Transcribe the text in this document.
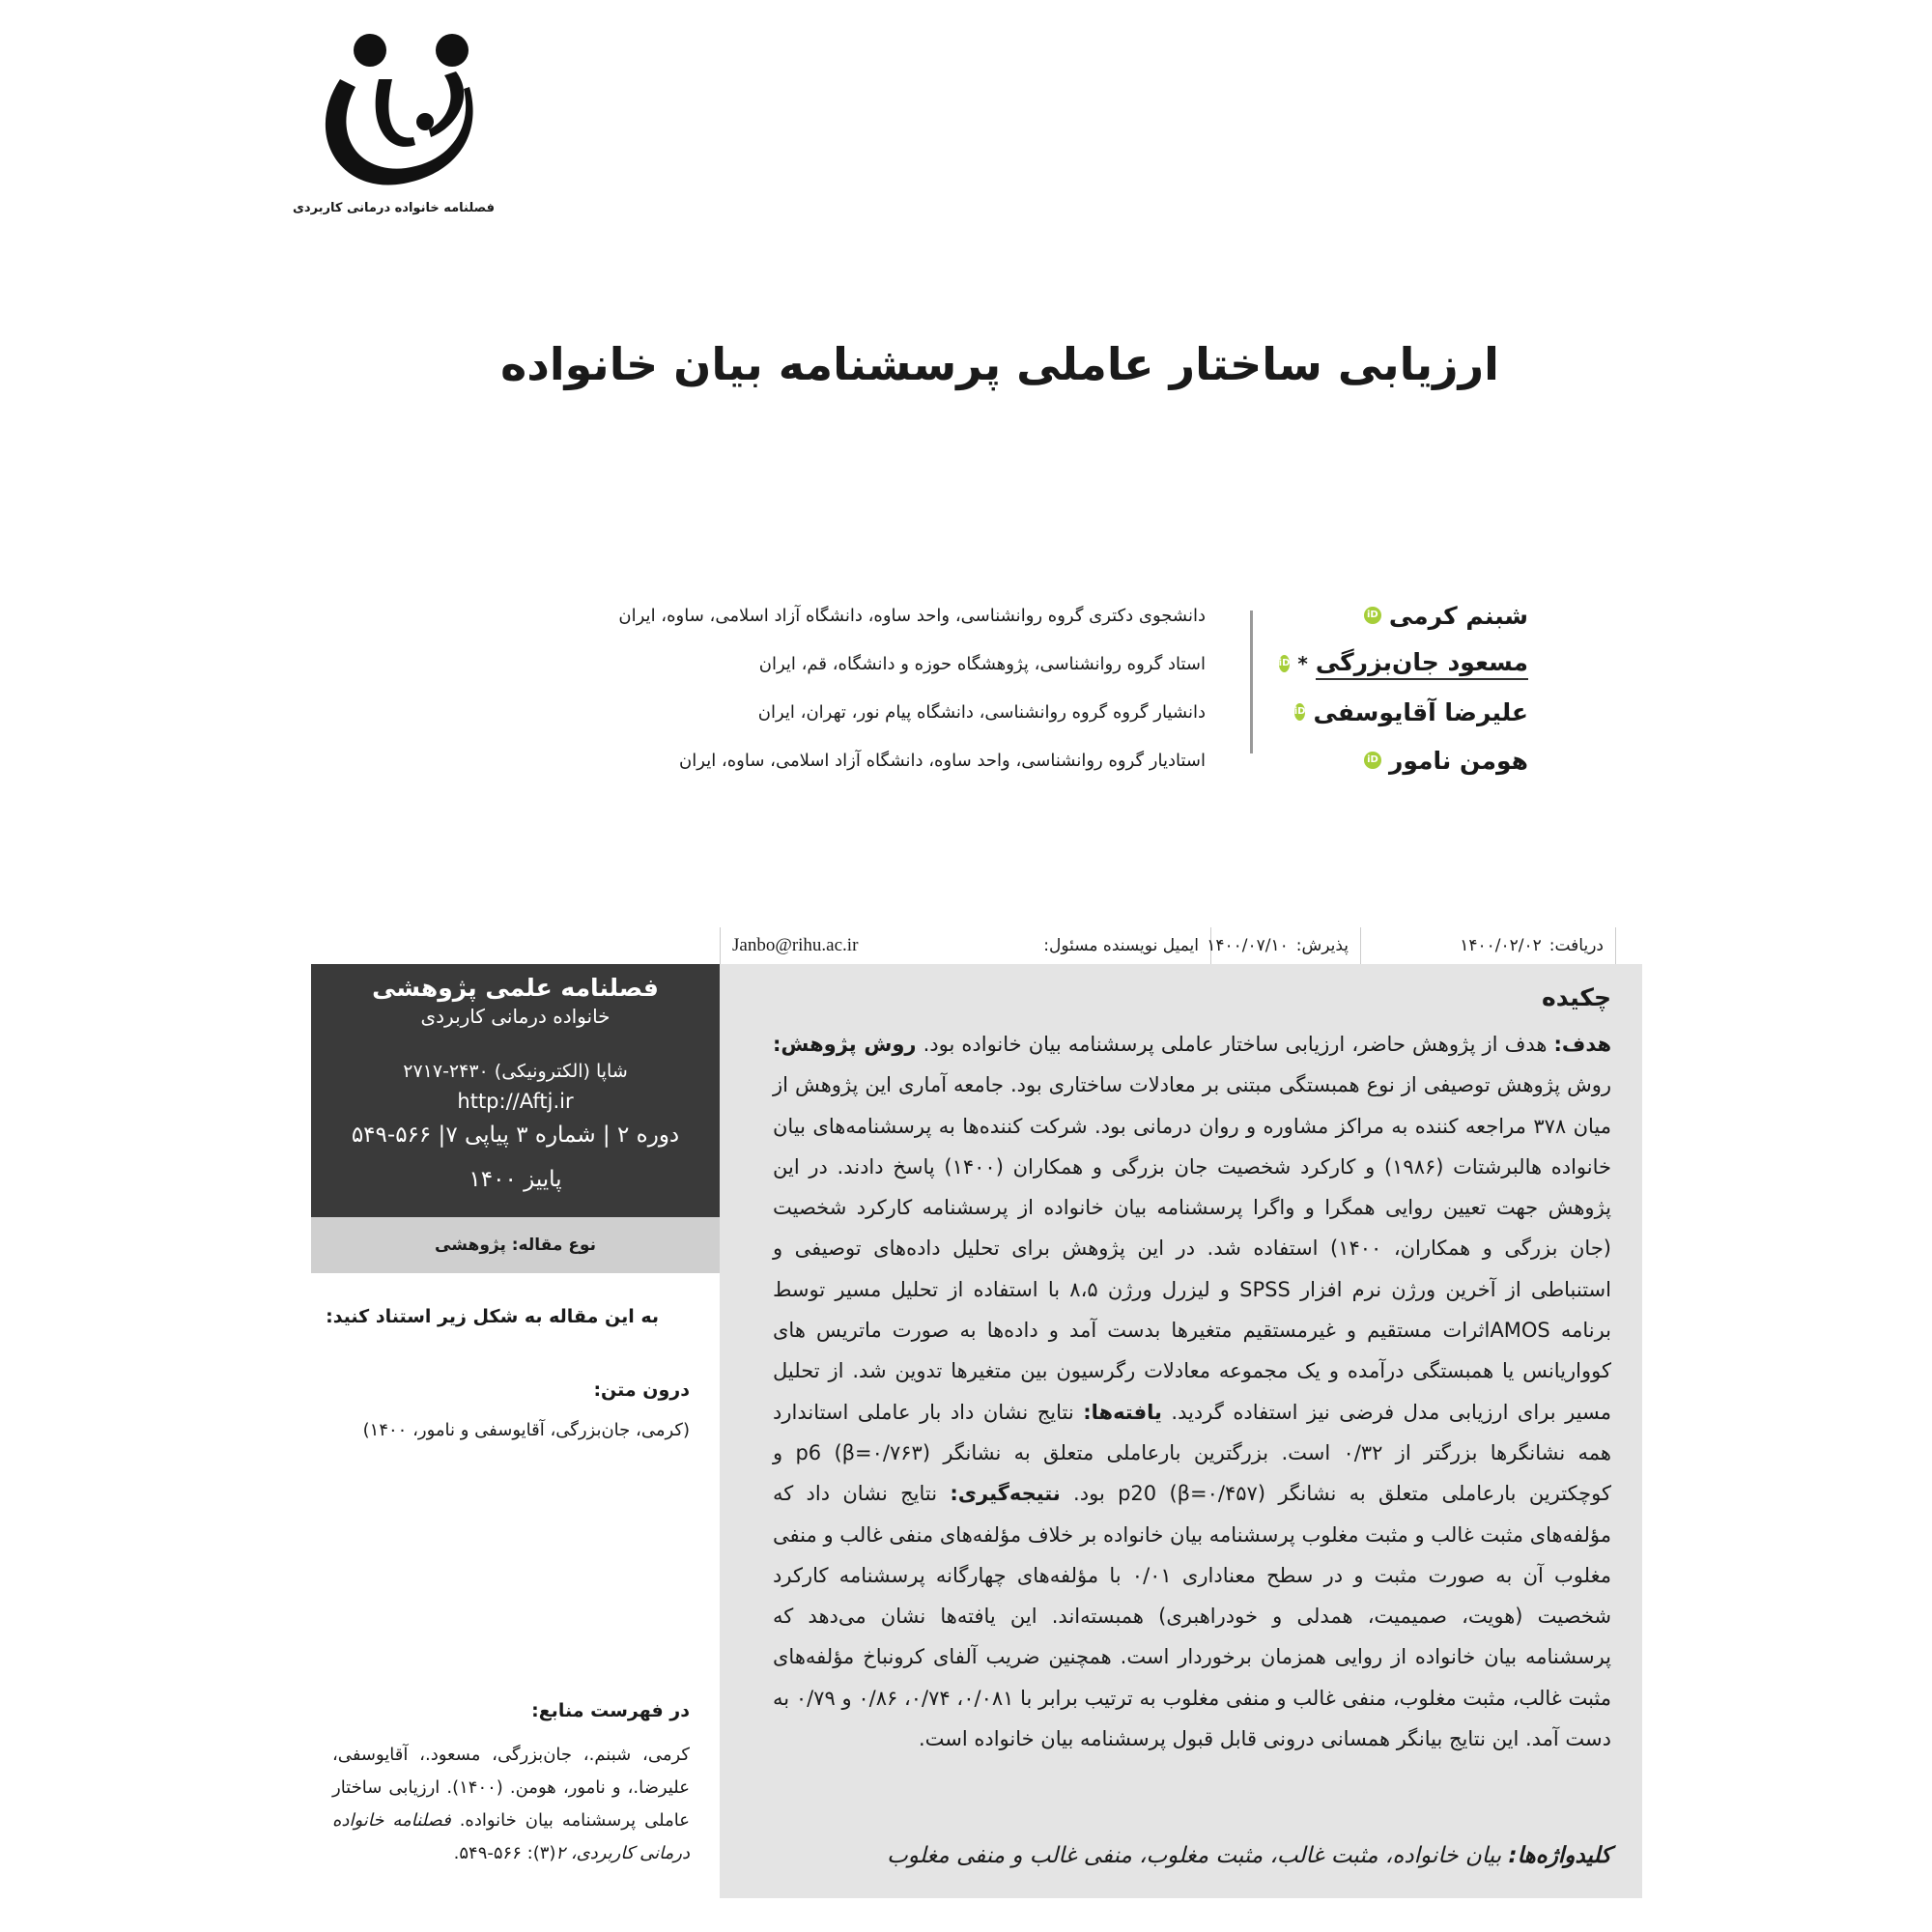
فصلنامه خانواده درمانی کاربردی
ارزیابی ساختار عاملی پرسشنامه بیان خانواده
شبنم کرمی
iD
مسعود جان‌بزرگی
*
iD
علیرضا آقایوسفی
iD
هومن نامور
iD
دانشجوی دکتری گروه روانشناسی، واحد ساوه، دانشگاه آزاد اسلامی، ساوه، ایران
استاد گروه روانشناسی، پژوهشگاه حوزه و دانشگاه، قم، ایران
دانشیار گروه گروه روانشناسی، دانشگاه پیام نور، تهران، ایران
استادیار گروه روانشناسی، واحد ساوه، دانشگاه آزاد اسلامی، ساوه، ایران
دریافت:
۱۴۰۰/۰۲/۰۲
پذیرش:
۱۴۰۰/۰۷/۱۰
ایمیل نویسنده مسئول:
Janbo@rihu.ac.ir
چکیده
هدف: هدف از پژوهش حاضر، ارزیابی ساختار عاملی پرسشنامه بیان خانواده بود. روش پژوهش: روش پژوهش توصیفی از نوع همبستگی مبتنی بر معادلات ساختاری بود. جامعه آماری این پژوهش از میان ۳۷۸ مراجعه کننده به مراکز مشاوره و روان درمانی بود. شرکت کننده‌ها به پرسشنامه‌های بیان خانواده هالبرشتات (۱۹۸۶) و کارکرد شخصیت جان بزرگی و همکاران (۱۴۰۰) پاسخ دادند. در این پژوهش جهت تعیین روایی همگرا و واگرا پرسشنامه بیان خانواده از پرسشنامه کارکرد شخصیت (جان بزرگی و همکاران، ۱۴۰۰) استفاده شد. در این پژوهش برای تحلیل داده‌های توصیفی و استنباطی از آخرین ورژن نرم افزار SPSS و لیزرل ورژن ۸،۵ با استفاده از تحلیل مسیر توسط برنامه AMOSاثرات مستقیم و غیرمستقیم متغیرها بدست آمد و داده‌ها به صورت ماتریس های کوواریانس یا همبستگی درآمده و یک مجموعه معادلات رگرسیون بین متغیرها تدوین شد. از تحلیل مسیر برای ارزیابی مدل فرضی نیز استفاده گردید. یافته‌ها: نتایج نشان داد بار عاملی استاندارد همه نشانگرها بزرگتر از ۰/۳۲ است. بزرگترین بارعاملی متعلق به نشانگر p6 (β=۰/۷۶۳) و کوچکترین بارعاملی متعلق به نشانگر p20 (β=۰/۴۵۷) بود. نتیجه‌گیری: نتایج نشان داد که مؤلفه‌های مثبت غالب و مثبت مغلوب پرسشنامه بیان خانواده بر خلاف مؤلفه‌های منفی غالب و منفی مغلوب آن به صورت مثبت و در سطح معناداری ۰/۰۱ با مؤلفه‌های چهارگانه پرسشنامه کارکرد شخصیت (هویت، صمیمیت، همدلی و خودراهبری) همبسته‌اند. این یافته‌ها نشان می‌دهد که پرسشنامه بیان خانواده از روایی همزمان برخوردار است. همچنین ضریب آلفای کرونباخ مؤلفه‌های مثبت غالب، مثبت مغلوب، منفی غالب و منفی مغلوب به ترتیب برابر با ۰/۰۸۱، ۰/۷۴، ۰/۸۶ و ۰/۷۹ به دست آمد. این نتایج بیانگر همسانی درونی قابل قبول پرسشنامه بیان خانواده است.
کلیدواژه‌ها: بیان خانواده، مثبت غالب، مثبت مغلوب، منفی غالب و منفی مغلوب
فصلنامه علمی پژوهشی
خانواده درمانی کاربردی
شاپا (الکترونیکی) ۲۴۳۰-۲۷۱۷
http://Aftj.ir
دوره ۲ | شماره ۳ پیاپی ۷| ۵۶۶-۵۴۹
پاییز ۱۴۰۰
نوع مقاله: پژوهشی
به این مقاله به شکل زیر استناد کنید:
درون متن:
(کرمی، جان‌بزرگی، آقایوسفی و نامور، ۱۴۰۰)
در فهرست منابع:
کرمی، شبنم.، جان‌بزرگی، مسعود.، آقایوسفی، علیرضا.، و نامور، هومن. (۱۴۰۰). ارزیابی ساختار عاملی پرسشنامه بیان خانواده. فصلنامه خانواده درمانی کاربردی، ۲(۳): ۵۶۶-۵۴۹.
